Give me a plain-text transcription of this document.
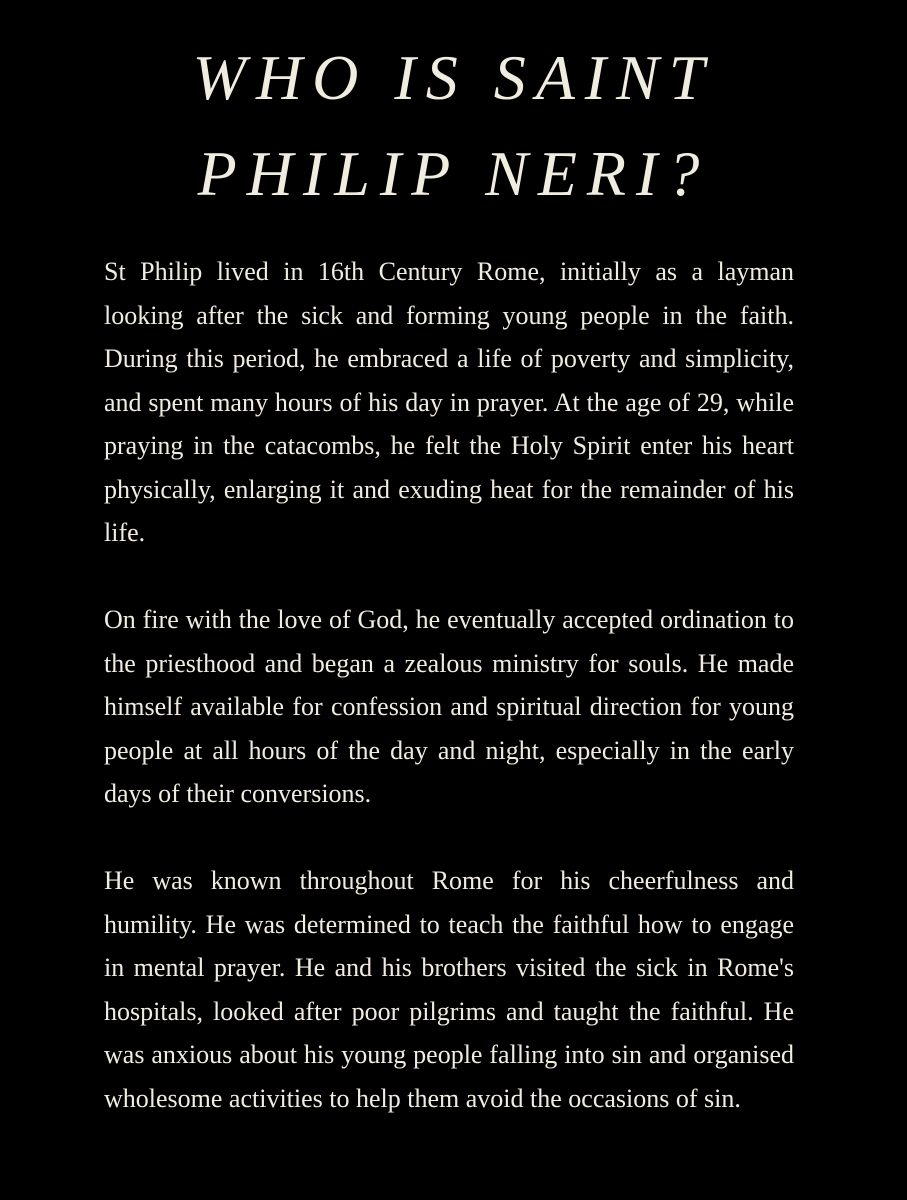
WHO IS SAINT
PHILIP NERI?

St Philip lived in 16th Century Rome, initially as a layman looking after the sick and forming young people in the faith. During this period, he embraced a life of poverty and simplicity, and spent many hours of his day in prayer. At the age of 29, while praying in the catacombs, he felt the Holy Spirit enter his heart physically, enlarging it and exuding heat for the remainder of his life.

On fire with the love of God, he eventually accepted ordination to the priesthood and began a zealous ministry for souls. He made himself available for confession and spiritual direction for young people at all hours of the day and night, especially in the early days of their conversions.

He was known throughout Rome for his cheerfulness and humility. He was determined to teach the faithful how to engage in mental prayer. He and his brothers visited the sick in Rome's hospitals, looked after poor pilgrims and taught the faithful. He was anxious about his young people falling into sin and organised wholesome activities to help them avoid the occasions of sin.
